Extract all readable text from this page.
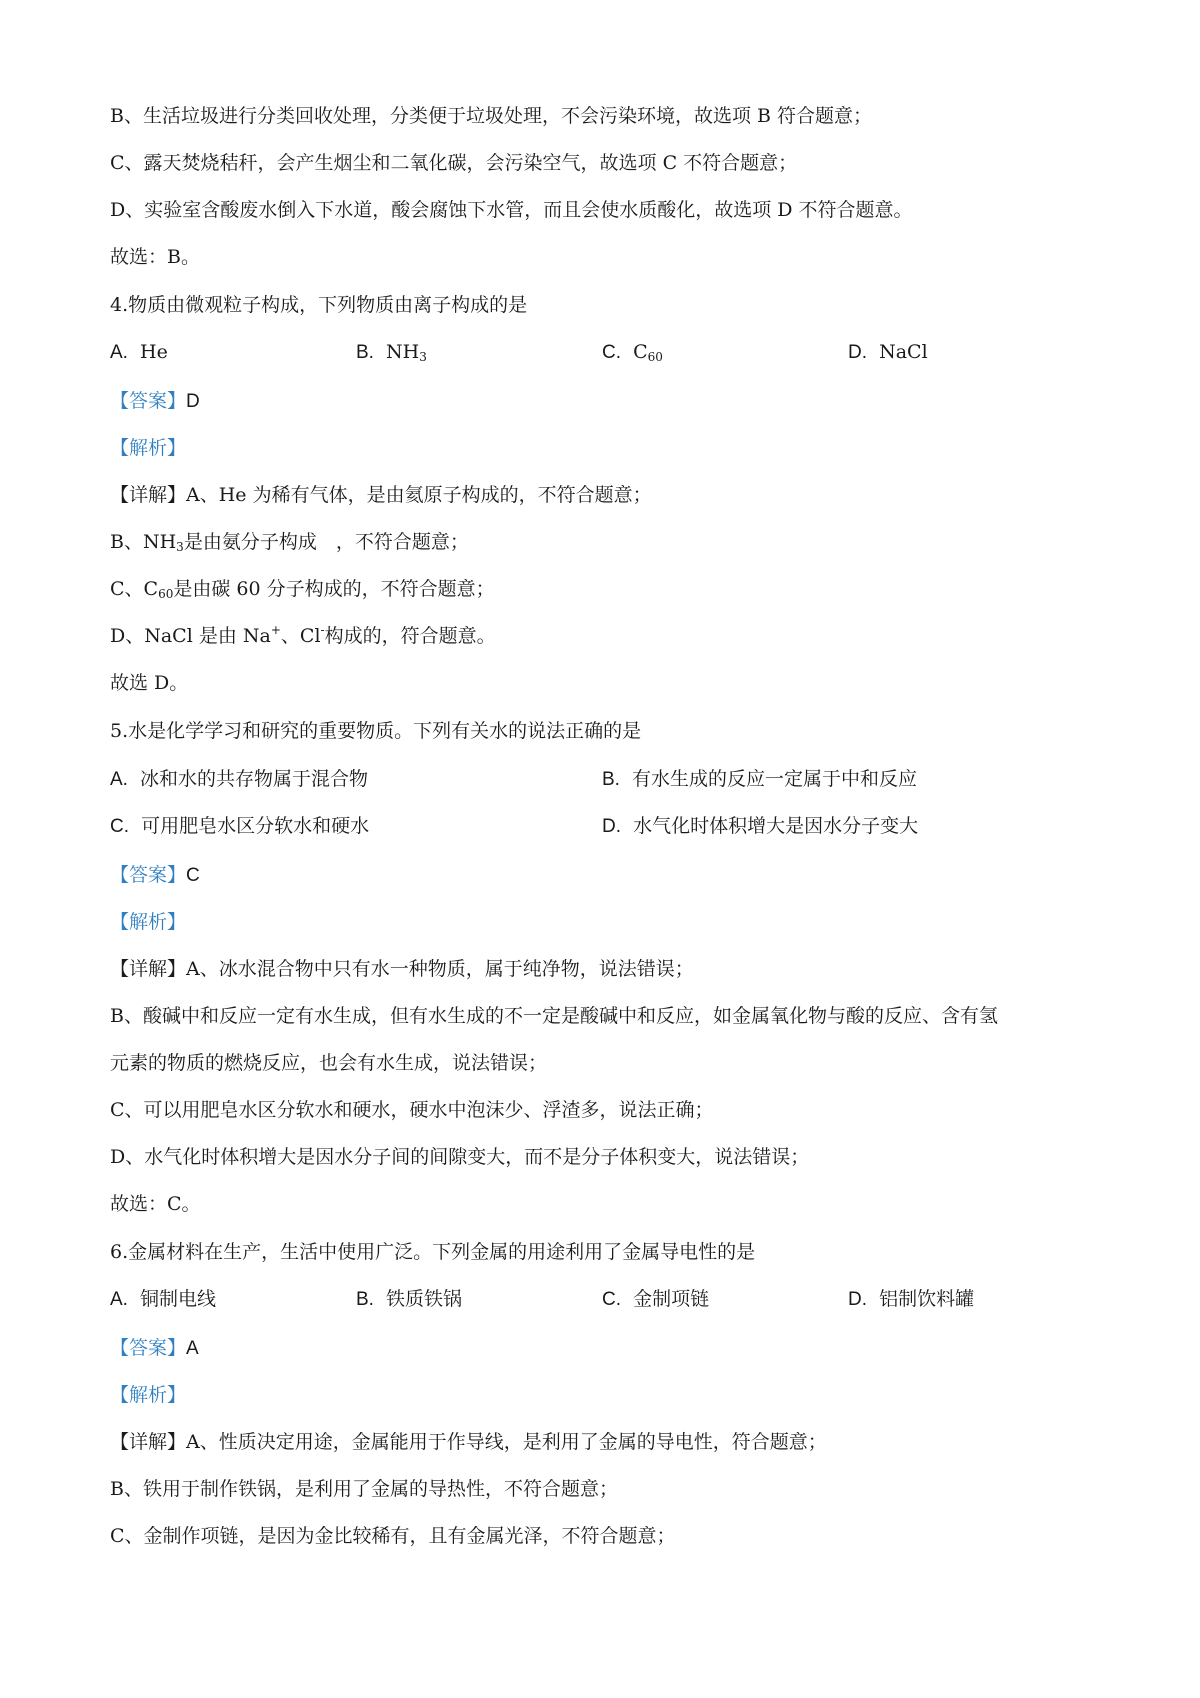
B、生活垃圾进行分类回收处理，分类便于垃圾处理，不会污染环境，故选项 B 符合题意；
C、露天焚烧秸秆，会产生烟尘和二氧化碳，会污染空气，故选项 C 不符合题意；
D、实验室含酸废水倒入下水道，酸会腐蚀下水管，而且会使水质酸化，故选项 D 不符合题意。
故选：B。
4.物质由微观粒子构成，下列物质由离子构成的是
A. He	B. $NH_3$	C. $C_{60}$	D. NaCl
【答案】D
【解析】
【详解】A、He 为稀有气体，是由氦原子构成的，不符合题意；
B、$NH_3$是由氨分子构成　，不符合题意；
C、$C_{60}$是由碳 60 分子构成的，不符合题意；
D、NaCl 是由 Na+、Cl-构成的，符合题意。
故选 D。
5.水是化学学习和研究的重要物质。下列有关水的说法正确的是
A. 冰和水的共存物属于混合物	B. 有水生成的反应一定属于中和反应
C. 可用肥皂水区分软水和硬水	D. 水气化时体积增大是因水分子变大
【答案】C
【解析】
【详解】A、冰水混合物中只有水一种物质，属于纯净物，说法错误；
B、酸碱中和反应一定有水生成，但有水生成的不一定是酸碱中和反应，如金属氧化物与酸的反应、含有氢
元素的物质的燃烧反应，也会有水生成，说法错误；
C、可以用肥皂水区分软水和硬水，硬水中泡沫少、浮渣多，说法正确；
D、水气化时体积增大是因水分子间的间隙变大，而不是分子体积变大，说法错误；
故选：C。
6.金属材料在生产，生活中使用广泛。下列金属的用途利用了金属导电性的是
A. 铜制电线	B. 铁质铁锅	C. 金制项链	D. 铝制饮料罐
【答案】A
【解析】
【详解】A、性质决定用途，金属能用于作导线，是利用了金属的导电性，符合题意；
B、铁用于制作铁锅，是利用了金属的导热性，不符合题意；
C、金制作项链，是因为金比较稀有，且有金属光泽，不符合题意；
